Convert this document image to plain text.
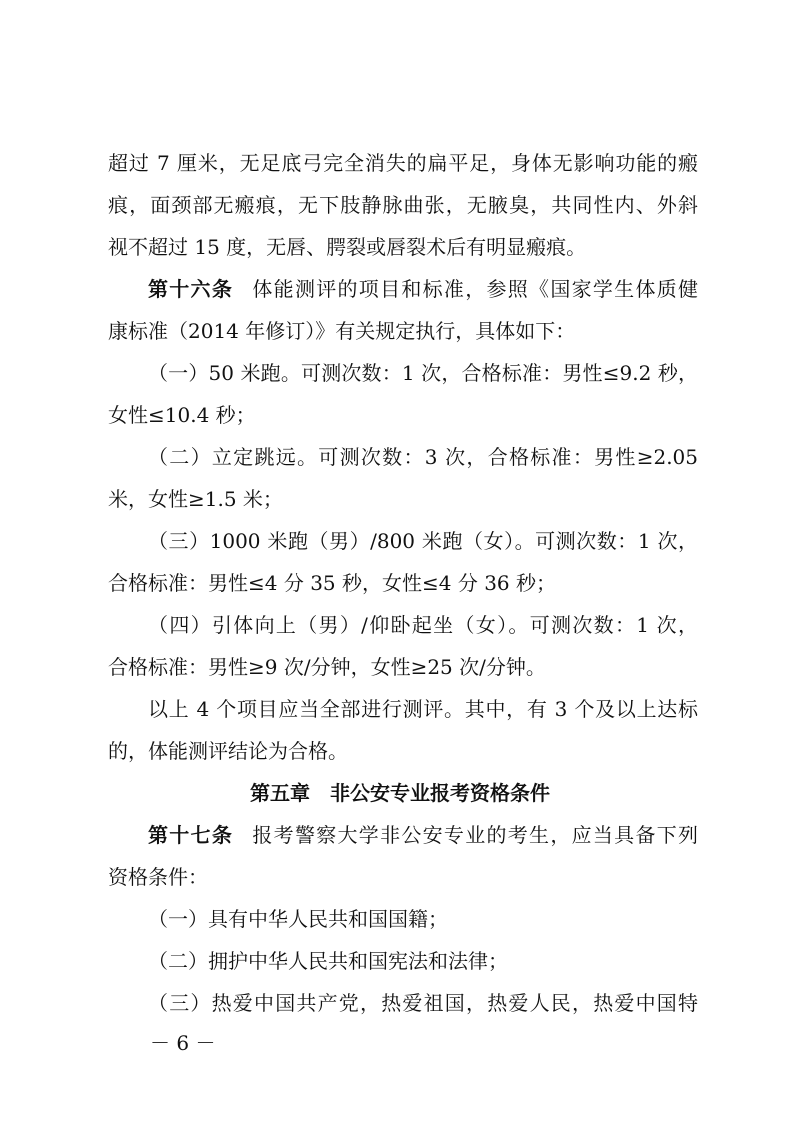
超过 7 厘米，无足底弓完全消失的扁平足，身体无影响功能的瘢
痕，面颈部无瘢痕，无下肢静脉曲张，无腋臭，共同性内、外斜
视不超过 15 度，无唇、腭裂或唇裂术后有明显瘢痕。
第十六条 体能测评的项目和标准，参照《国家学生体质健
康标准（2014 年修订）》有关规定执行，具体如下：
（一）50 米跑。可测次数：1 次，合格标准：男性≤9.2 秒，
女性≤10.4 秒；
（二）立定跳远。可测次数：3 次，合格标准：男性≥2.05
米，女性≥1.5 米；
（三）1000 米跑（男）/800 米跑（女）。可测次数：1 次，
合格标准：男性≤4 分 35 秒，女性≤4 分 36 秒；
（四）引体向上（男）/仰卧起坐（女）。可测次数：1 次，
合格标准：男性≥9 次/分钟，女性≥25 次/分钟。
以上 4 个项目应当全部进行测评。其中，有 3 个及以上达标
的，体能测评结论为合格。
第五章　非公安专业报考资格条件
第十七条 报考警察大学非公安专业的考生，应当具备下列
资格条件：
（一）具有中华人民共和国国籍；
（二）拥护中华人民共和国宪法和法律；
（三）热爱中国共产党，热爱祖国，热爱人民，热爱中国特
－ 6 －
